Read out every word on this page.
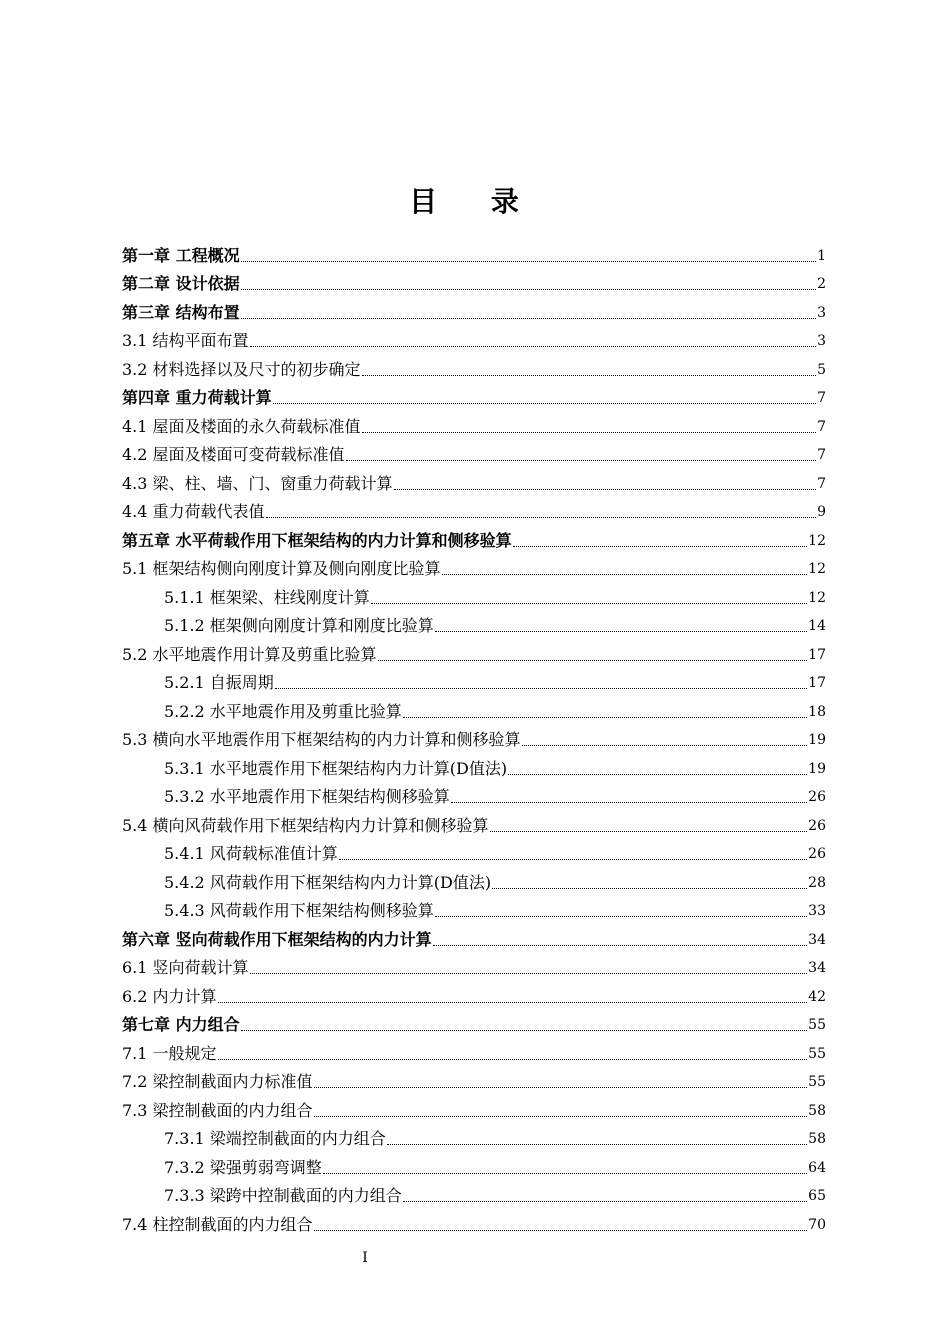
目 录
第一章 工程概况	1
第二章 设计依据	2
第三章 结构布置	3
3.1 结构平面布置	3
3.2 材料选择以及尺寸的初步确定	5
第四章 重力荷载计算	7
4.1 屋面及楼面的永久荷载标准值	7
4.2 屋面及楼面可变荷载标准值	7
4.3 梁、柱、墙、门、窗重力荷载计算	7
4.4 重力荷载代表值	9
第五章 水平荷载作用下框架结构的内力计算和侧移验算	12
5.1 框架结构侧向刚度计算及侧向刚度比验算	12
5.1.1 框架梁、柱线刚度计算	12
5.1.2 框架侧向刚度计算和刚度比验算	14
5.2 水平地震作用计算及剪重比验算	17
5.2.1 自振周期	17
5.2.2 水平地震作用及剪重比验算	18
5.3 横向水平地震作用下框架结构的内力计算和侧移验算	19
5.3.1 水平地震作用下框架结构内力计算(D值法)	19
5.3.2 水平地震作用下框架结构侧移验算	26
5.4 横向风荷载作用下框架结构内力计算和侧移验算	26
5.4.1 风荷载标准值计算	26
5.4.2 风荷载作用下框架结构内力计算(D值法)	28
5.4.3 风荷载作用下框架结构侧移验算	33
第六章 竖向荷载作用下框架结构的内力计算	34
6.1 竖向荷载计算	34
6.2 内力计算	42
第七章 内力组合	55
7.1 一般规定	55
7.2 梁控制截面内力标准值	55
7.3 梁控制截面的内力组合	58
7.3.1 梁端控制截面的内力组合	58
7.3.2 梁强剪弱弯调整	64
7.3.3 梁跨中控制截面的内力组合	65
7.4 柱控制截面的内力组合	70
I
